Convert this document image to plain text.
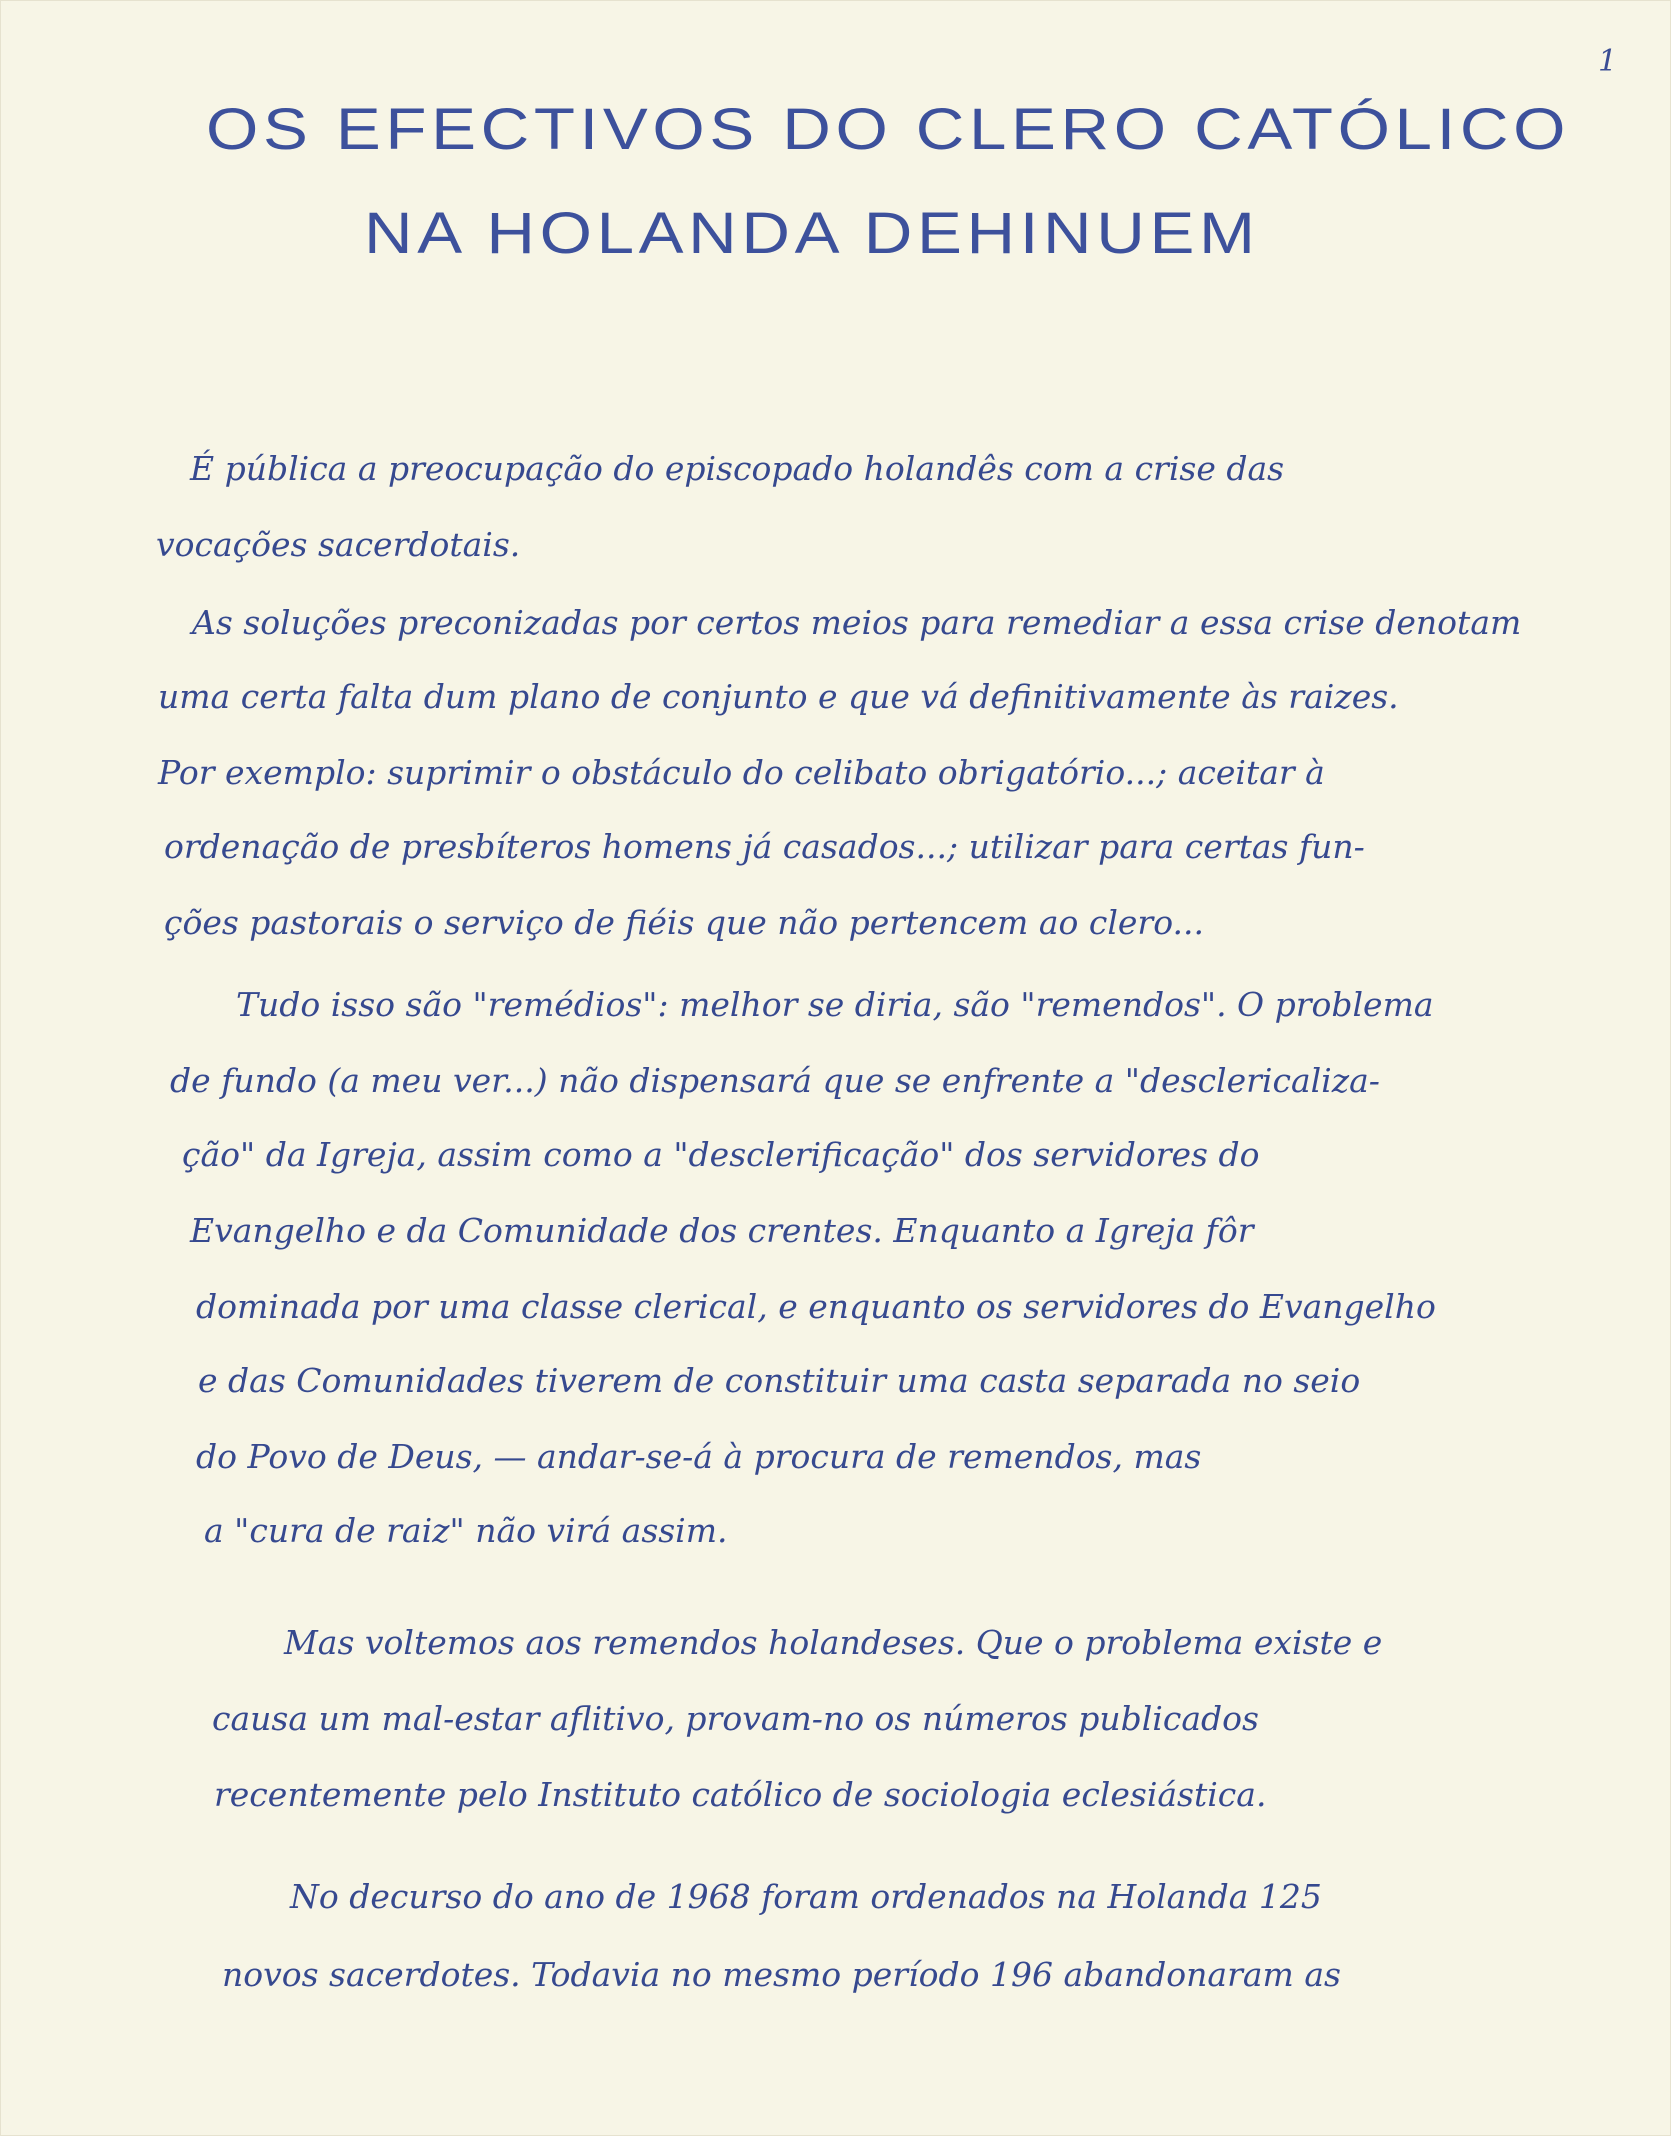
1
OS EFECTIVOS DO CLERO CATÓLICO
NA HOLANDA DEHINUEM
É pública a preocupação do episcopado holandês com a crise das
vocações sacerdotais.
As soluções preconizadas por certos meios para remediar a essa crise denotam
uma certa falta dum plano de conjunto e que vá definitivamente às raizes.
Por exemplo: suprimir o obstáculo do celibato obrigatório...; aceitar à
ordenação de presbíteros homens já casados...; utilizar para certas fun-
ções pastorais o serviço de fiéis que não pertencem ao clero...
Tudo isso são "remédios": melhor se diria, são "remendos". O problema
de fundo (a meu ver...) não dispensará que se enfrente a "desclericaliza-
ção" da Igreja, assim como a "desclerificação" dos servidores do
Evangelho e da Comunidade dos crentes. Enquanto a Igreja fôr
dominada por uma classe clerical, e enquanto os servidores do Evangelho
e das Comunidades tiverem de constituir uma casta separada no seio
do Povo de Deus, — andar-se-á à procura de remendos, mas
a "cura de raiz" não virá assim.
Mas voltemos aos remendos holandeses. Que o problema existe e
causa um mal-estar aflitivo, provam-no os números publicados
recentemente pelo Instituto católico de sociologia eclesiástica.
No decurso do ano de 1968 foram ordenados na Holanda 125
novos sacerdotes. Todavia no mesmo período 196 abandonaram as
